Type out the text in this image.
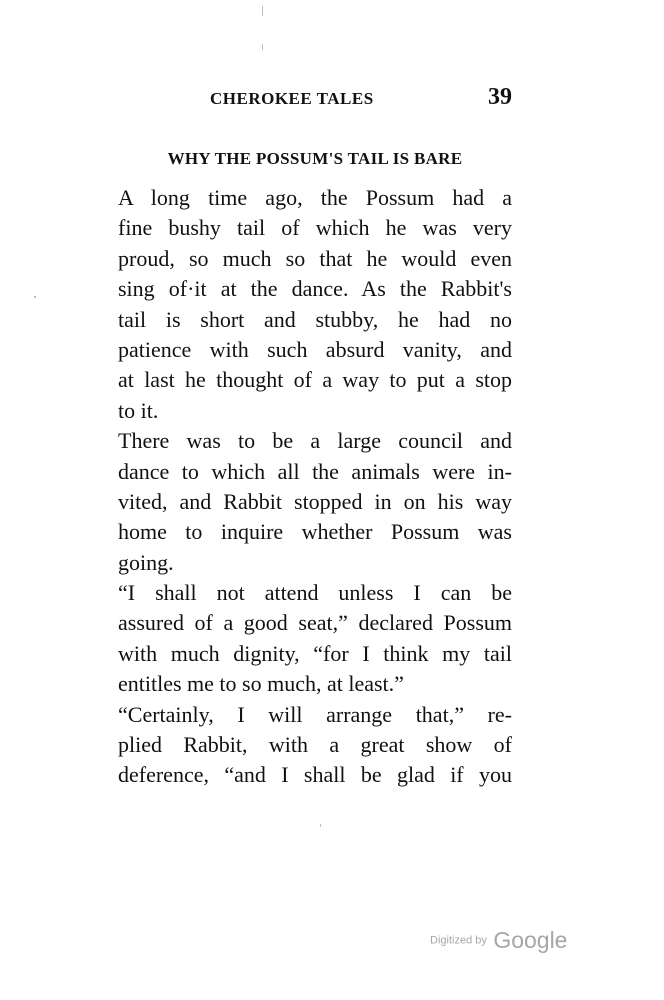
CHEROKEE TALES	39
WHY THE POSSUM'S TAIL IS BARE
A long time ago, the Possum had a
fine bushy tail of which he was very
proud, so much so that he would even
sing of·it at the dance. As the Rabbit's
tail is short and stubby, he had no
patience with such absurd vanity, and
at last he thought of a way to put a stop
to it.
There was to be a large council and
dance to which all the animals were in-
vited, and Rabbit stopped in on his way
home to inquire whether Possum was
going.
“I shall not attend unless I can be
assured of a good seat,” declared Possum
with much dignity, “for I think my tail
entitles me to so much, at least.”
“Certainly, I will arrange that,” re-
plied Rabbit, with a great show of
deference, “and I shall be glad if you
Digitized by Google
